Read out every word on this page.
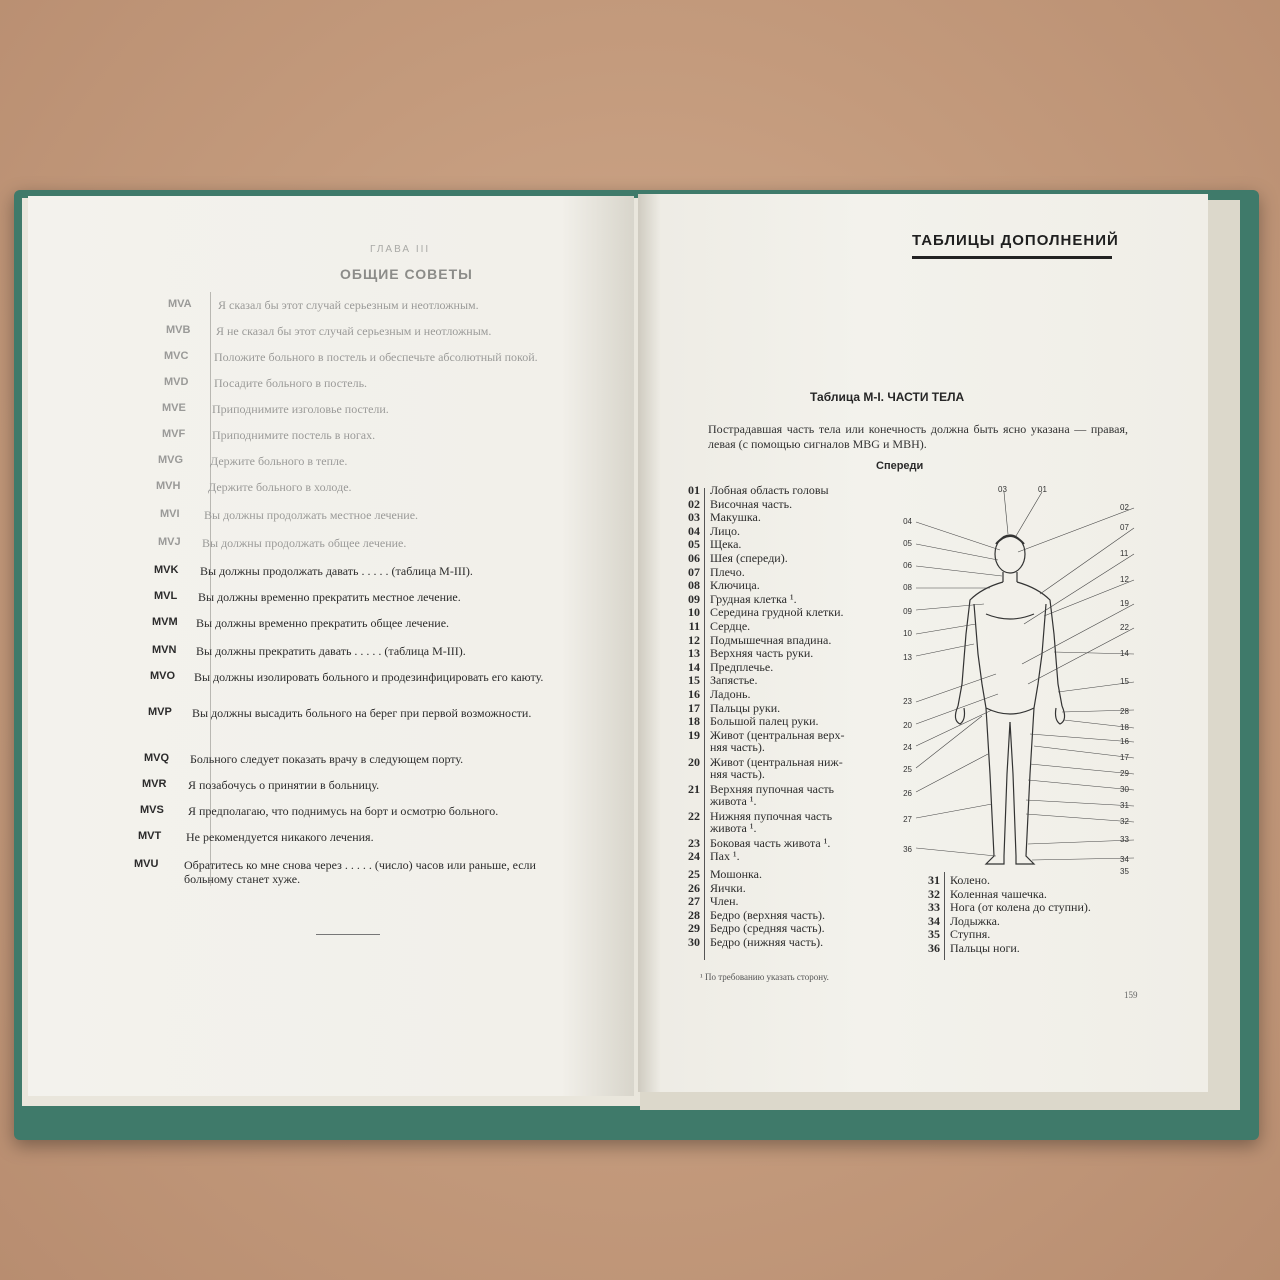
ГЛАВА III
ОБЩИЕ СОВЕТЫ
MVA Я сказал бы этот случай серьезным и неотложным.
MVB Я не сказал бы этот случай серьезным и неотложным.
MVC Положите больного в постель и обеспечьте абсолютный покой.
MVD Посадите больного в постель.
MVE Приподнимите изголовье постели.
MVF Приподнимите постель в ногах.
MVG Держите больного в тепле.
MVH Держите больного в холоде.
MVI Вы должны продолжать местное лечение.
MVJ Вы должны продолжать общее лечение.
MVK Вы должны продолжать давать . . . . . (таблица М-III).
MVL Вы должны временно прекратить местное лечение.
MVM Вы должны временно прекратить общее лечение.
MVN Вы должны прекратить давать . . . . . (таблица М-III).
MVO Вы должны изолировать больного и продезинфицировать его каюту.
MVP Вы должны высадить больного на берег при первой возможности.
MVQ Больного следует показать врачу в следующем порту.
MVR Я позабочусь о принятии в больницу.
MVS Я предполагаю, что поднимусь на борт и осмотрю больного.
MVT Не рекомендуется никакого лечения.
MVU Обратитесь ко мне снова через . . . . . (число) часов или раньше, если больному станет хуже.
ТАБЛИЦЫ ДОПОЛНЕНИЙ
Таблица М-I. ЧАСТИ ТЕЛА
Пострадавшая часть тела или конечность должна быть ясно указана — правая, левая (с помощью сигналов MBG и MBH).
Спереди
01 Лобная область головы
02 Височная часть.
03 Макушка.
04 Лицо.
05 Щека.
06 Шея (спереди).
07 Плечо.
08 Ключица.
09 Грудная клетка ¹.
10 Середина грудной клетки.
11 Сердце.
12 Подмышечная впадина.
13 Верхняя часть руки.
14 Предплечье.
15 Запястье.
16 Ладонь.
17 Пальцы руки.
18 Большой палец руки.
19 Живот (центральная верх-
няя часть).
20 Живот (центральная ниж-
няя часть).
21 Верхняя пупочная часть
живота ¹.
22 Нижняя пупочная часть
живота ¹.
23 Боковая часть живота ¹.
24 Пах ¹.
25 Мошонка.
26 Яички.
27 Член.
28 Бедро (верхняя часть).
29 Бедро (средняя часть).
30 Бедро (нижняя часть).
31 Колено.
32 Коленная чашечка.
33 Нога (от колена до ступни).
34 Лодыжка.
35 Ступня.
36 Пальцы ноги.
04
05
06
08
09
10
13
23
20
24
25
26
27
36
02
07
11
12
19
22
14
15
28
18
16
17
29
30
31
32
33
34
35
03	01
¹ По требованию указать сторону.
159
